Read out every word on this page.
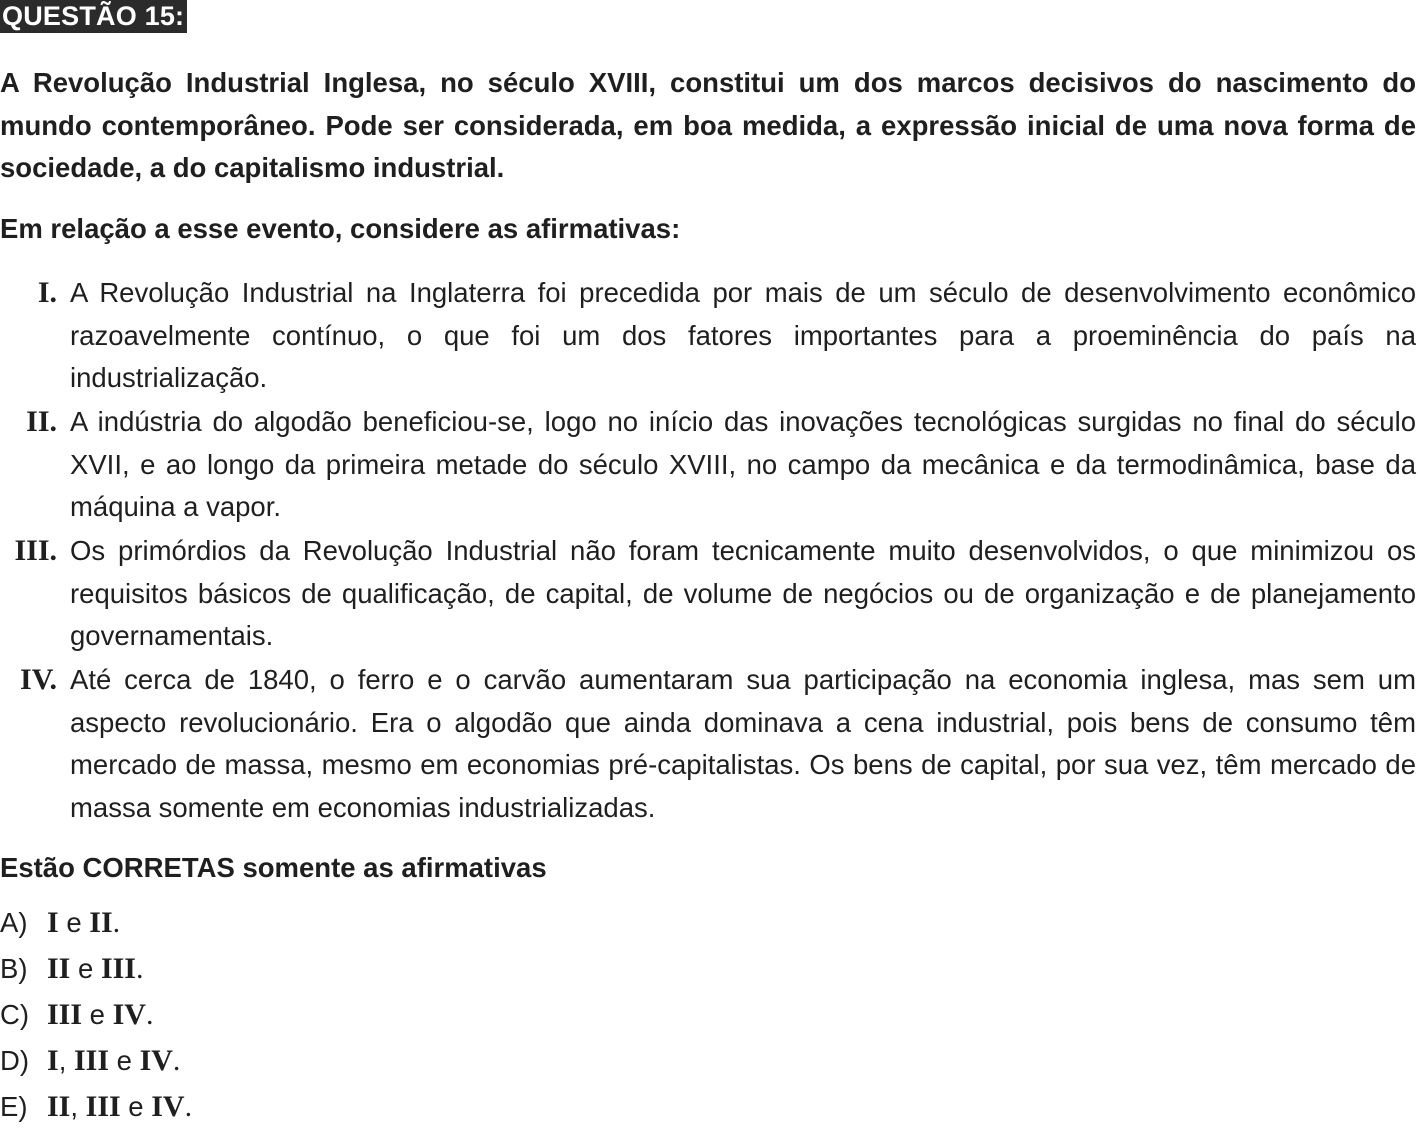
QUESTÃO 15:

A Revolução Industrial Inglesa, no século XVIII, constitui um dos marcos decisivos do nascimento do mundo contemporâneo. Pode ser considerada, em boa medida, a expressão inicial de uma nova forma de sociedade, a do capitalismo industrial.

Em relação a esse evento, considere as afirmativas:

I. A Revolução Industrial na Inglaterra foi precedida por mais de um século de desenvolvimento econômico razoavelmente contínuo, o que foi um dos fatores importantes para a proeminência do país na industrialização.

II. A indústria do algodão beneficiou-se, logo no início das inovações tecnológicas surgidas no final do século XVII, e ao longo da primeira metade do século XVIII, no campo da mecânica e da termodinâmica, base da máquina a vapor.

III. Os primórdios da Revolução Industrial não foram tecnicamente muito desenvolvidos, o que minimizou os requisitos básicos de qualificação, de capital, de volume de negócios ou de organização e de planejamento governamentais.

IV. Até cerca de 1840, o ferro e o carvão aumentaram sua participação na economia inglesa, mas sem um aspecto revolucionário. Era o algodão que ainda dominava a cena industrial, pois bens de consumo têm mercado de massa, mesmo em economias pré-capitalistas. Os bens de capital, por sua vez, têm mercado de massa somente em economias industrializadas.

Estão CORRETAS somente as afirmativas

A) I e II.
B) II e III.
C) III e IV.
D) I, III e IV.
E) II, III e IV.
